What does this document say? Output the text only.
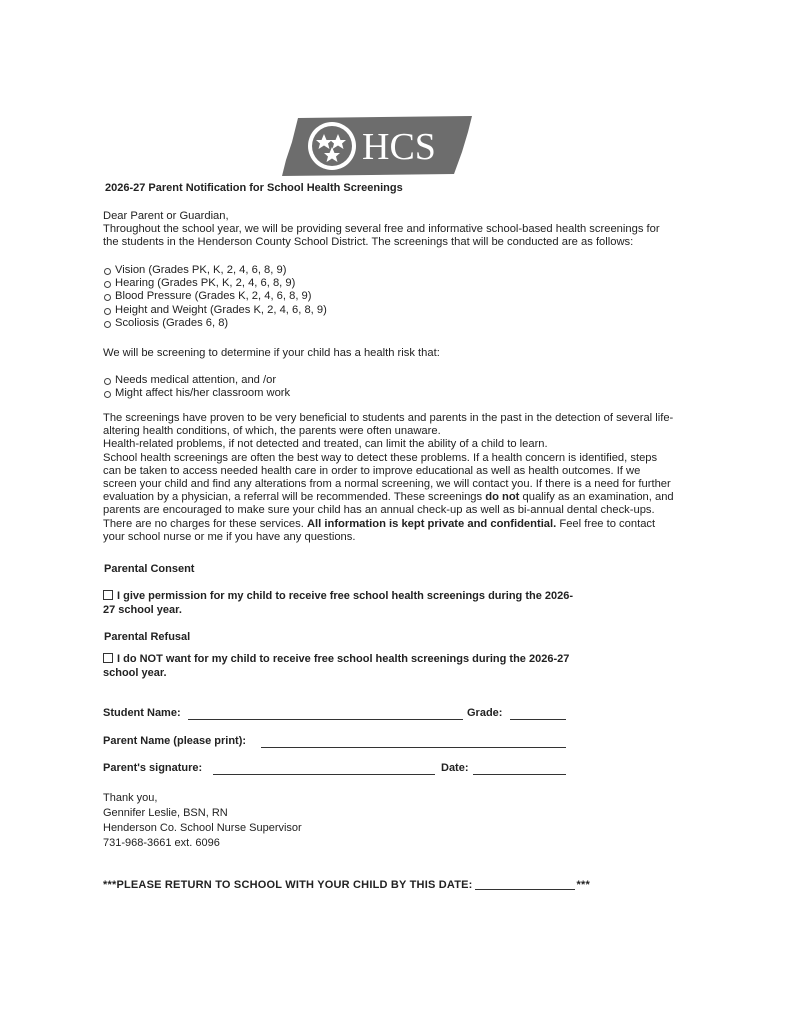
HCS
2026-27 Parent Notification for School Health Screenings
Dear Parent or Guardian,
Throughout the school year, we will be providing several free and informative school-based health screenings for the students in the Henderson County School District. The screenings that will be conducted are as follows:
Vision (Grades PK, K, 2, 4, 6, 8, 9)
Hearing (Grades PK, K, 2, 4, 6, 8, 9)
Blood Pressure (Grades K, 2, 4, 6, 8, 9)
Height and Weight (Grades K, 2, 4, 6, 8, 9)
Scoliosis (Grades 6, 8)
We will be screening to determine if your child has a health risk that:
Needs medical attention, and /or
Might affect his/her classroom work
The screenings have proven to be very beneficial to students and parents in the past in the detection of several life-altering health conditions, of which, the parents were often unaware.
Health-related problems, if not detected and treated, can limit the ability of a child to learn.
School health screenings are often the best way to detect these problems. If a health concern is identified, steps can be taken to access needed health care in order to improve educational as well as health outcomes. If we screen your child and find any alterations from a normal screening, we will contact you. If there is a need for further evaluation by a physician, a referral will be recommended. These screenings do not qualify as an examination, and parents are encouraged to make sure your child has an annual check-up as well as bi-annual dental check-ups. There are no charges for these services. All information is kept private and confidential. Feel free to contact your school nurse or me if you have any questions.
Parental Consent
I give permission for my child to receive free school health screenings during the 2026-27 school year.
Parental Refusal
I do NOT want for my child to receive free school health screenings during the 2026-27 school year.
Student Name:	Grade:
Parent Name (please print):
Parent's signature:	Date:
Thank you,
Gennifer Leslie, BSN, RN
Henderson Co. School Nurse Supervisor
731-968-3661 ext. 6096
***PLEASE RETURN TO SCHOOL WITH YOUR CHILD BY THIS DATE:	***
